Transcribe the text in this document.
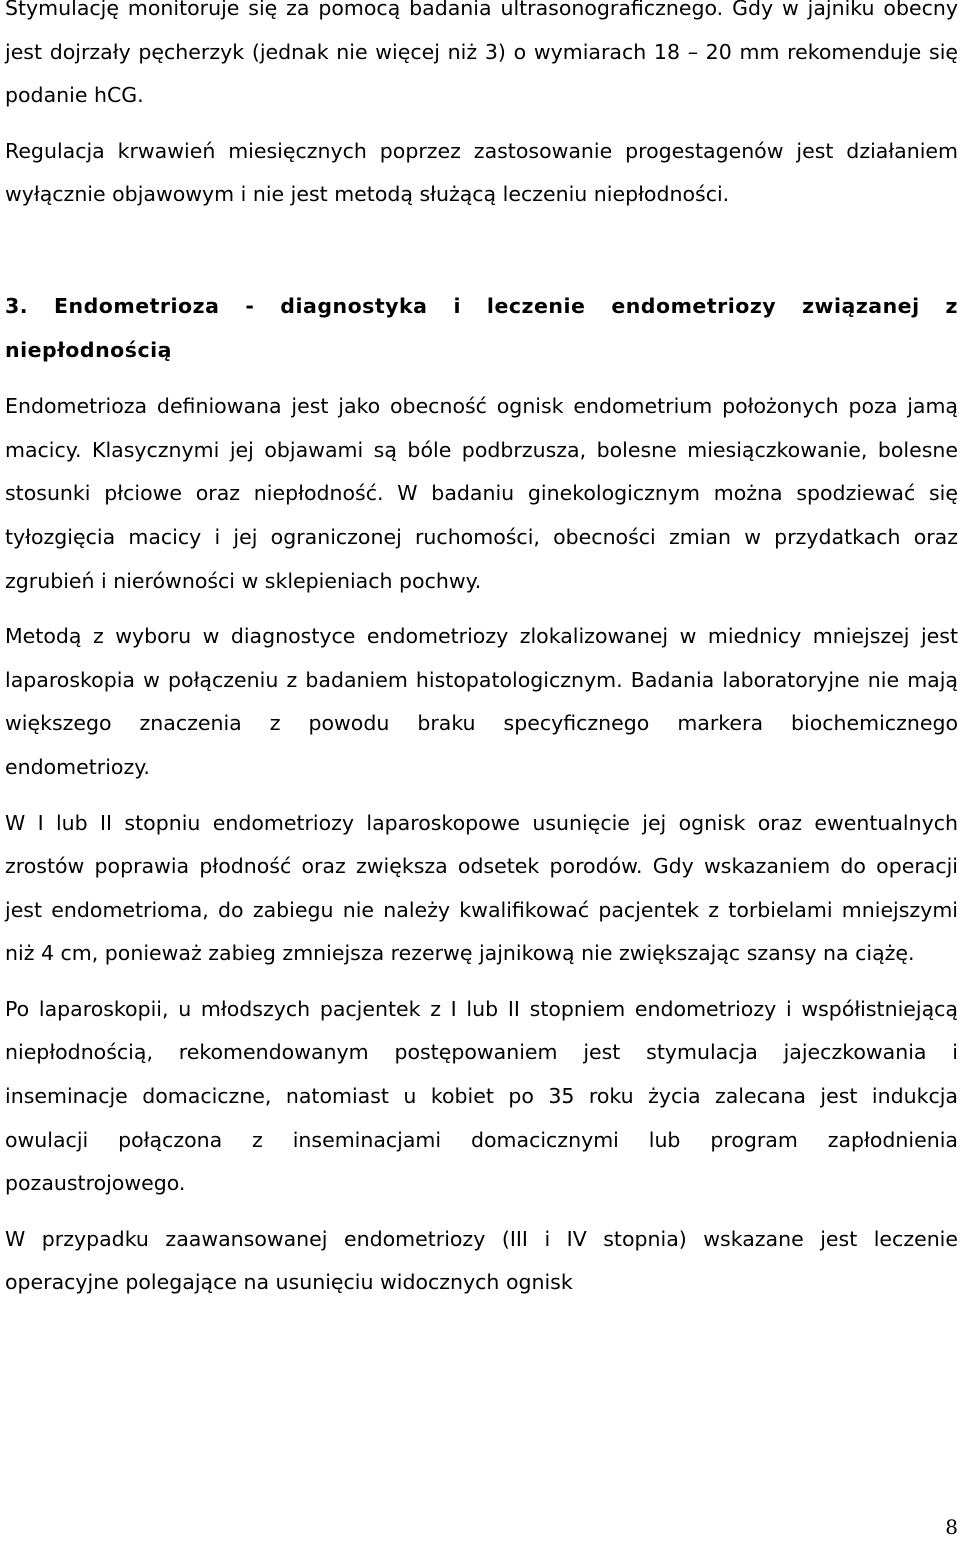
Stymulację monitoruje się za pomocą badania ultrasonograficznego. Gdy w jajniku obecny jest dojrzały pęcherzyk (jednak nie więcej niż 3) o wymiarach 18 – 20 mm rekomenduje się podanie hCG.

Regulacja krwawień miesięcznych poprzez zastosowanie progestagenów jest działaniem wyłącznie objawowym i nie jest metodą służącą leczeniu niepłodności.

3. Endometrioza - diagnostyka i leczenie endometriozy związanej z niepłodnością

Endometrioza definiowana jest jako obecność ognisk endometrium położonych poza jamą macicy. Klasycznymi jej objawami są bóle podbrzusza, bolesne miesiączkowanie, bolesne stosunki płciowe oraz niepłodność. W badaniu ginekologicznym można spodziewać się tyłozgięcia macicy i jej ograniczonej ruchomości, obecności zmian w przydatkach oraz zgrubień i nierówności w sklepieniach pochwy.

Metodą z wyboru w diagnostyce endometriozy zlokalizowanej w miednicy mniejszej jest laparoskopia w połączeniu z badaniem histopatologicznym. Badania laboratoryjne nie mają większego znaczenia z powodu braku specyficznego markera biochemicznego endometriozy.

W I lub II stopniu endometriozy laparoskopowe usunięcie jej ognisk oraz ewentualnych zrostów poprawia płodność oraz zwiększa odsetek porodów. Gdy wskazaniem do operacji jest endometrioma, do zabiegu nie należy kwalifikować pacjentek z torbielami mniejszymi niż 4 cm, ponieważ zabieg zmniejsza rezerwę jajnikową nie zwiększając szansy na ciążę.

Po laparoskopii, u młodszych pacjentek z I lub II stopniem endometriozy i współistniejącą niepłodnością, rekomendowanym postępowaniem jest stymulacja jajeczkowania i inseminacje domaciczne, natomiast u kobiet po 35 roku życia zalecana jest indukcja owulacji połączona z inseminacjami domacicznymi lub program zapłodnienia pozaustrojowego.

W przypadku zaawansowanej endometriozy (III i IV stopnia) wskazane jest leczenie operacyjne polegające na usunięciu widocznych ognisk

8
